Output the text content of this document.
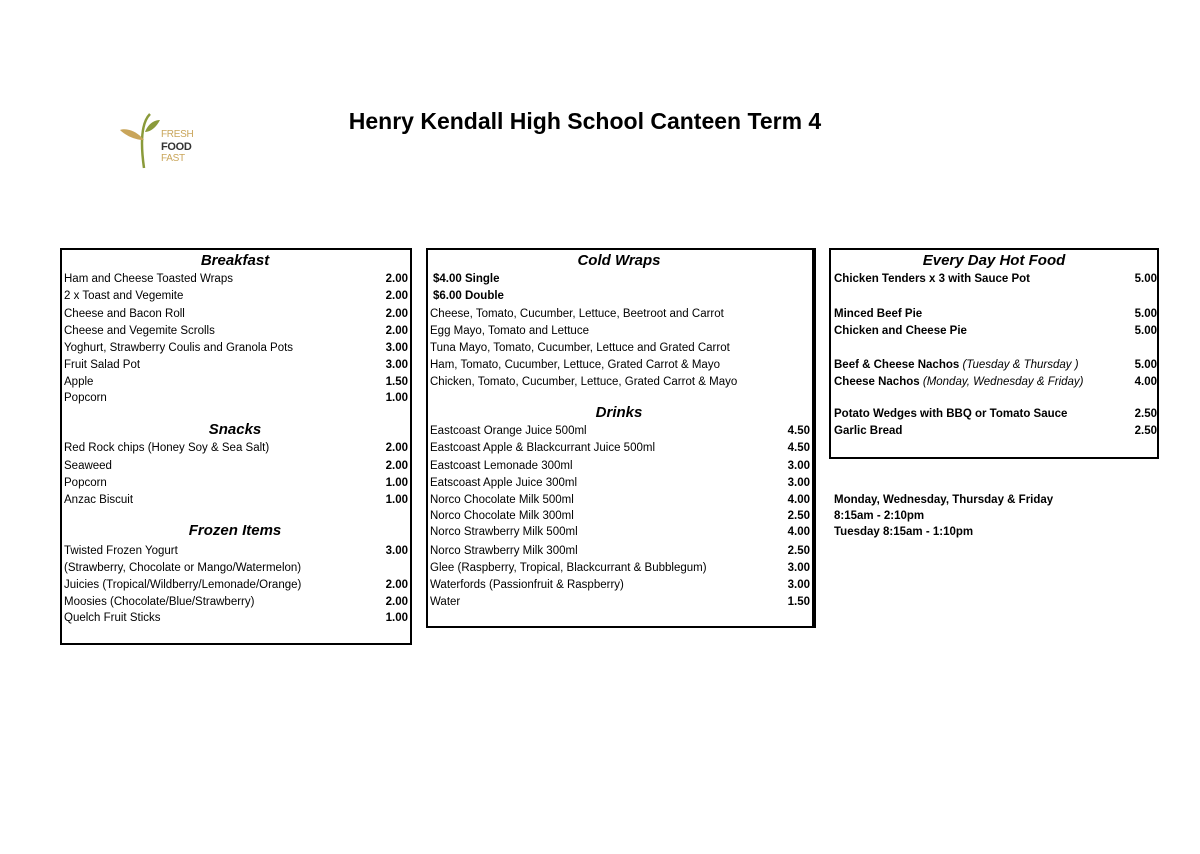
FRESH
FOOD
FAST
Henry Kendall High School Canteen Term 4
Breakfast
Ham and Cheese Toasted Wraps	2.00
2 x Toast and Vegemite	2.00
Cheese and Bacon Roll	2.00
Cheese and Vegemite Scrolls	2.00
Yoghurt, Strawberry Coulis and Granola Pots	3.00
Fruit Salad Pot	3.00
Apple	1.50
Popcorn	1.00
Snacks
Red Rock chips (Honey Soy & Sea Salt)	2.00
Seaweed	2.00
Popcorn	1.00
Anzac Biscuit	1.00
Frozen Items
Twisted Frozen Yogurt	3.00
(Strawberry, Chocolate or Mango/Watermelon)
Juicies (Tropical/Wildberry/Lemonade/Orange)	2.00
Moosies (Chocolate/Blue/Strawberry)	2.00
Quelch Fruit Sticks	1.00
Cold Wraps
$4.00 Single
$6.00 Double
Cheese, Tomato, Cucumber, Lettuce, Beetroot and Carrot
Egg Mayo, Tomato and Lettuce
Tuna Mayo, Tomato, Cucumber, Lettuce and Grated Carrot
Ham, Tomato, Cucumber, Lettuce, Grated Carrot & Mayo
Chicken, Tomato, Cucumber, Lettuce, Grated Carrot & Mayo
Drinks
Eastcoast Orange Juice 500ml	4.50
Eastcoast Apple & Blackcurrant Juice 500ml	4.50
Eastcoast Lemonade 300ml	3.00
Eatscoast Apple Juice 300ml	3.00
Norco Chocolate Milk 500ml	4.00
Norco Chocolate Milk 300ml	2.50
Norco Strawberry Milk 500ml	4.00
Norco Strawberry Milk 300ml	2.50
Glee (Raspberry, Tropical, Blackcurrant & Bubblegum)	3.00
Waterfords (Passionfruit & Raspberry)	3.00
Water	1.50
Every Day Hot Food
Chicken Tenders x 3 with Sauce Pot	5.00
Minced Beef Pie	5.00
Chicken and Cheese Pie	5.00
Beef & Cheese Nachos (Tuesday & Thursday )	5.00
Cheese Nachos (Monday, Wednesday & Friday)	4.00
Potato Wedges with BBQ or Tomato Sauce	2.50
Garlic Bread	2.50
Monday, Wednesday, Thursday & Friday
8:15am - 2:10pm
Tuesday 8:15am - 1:10pm
